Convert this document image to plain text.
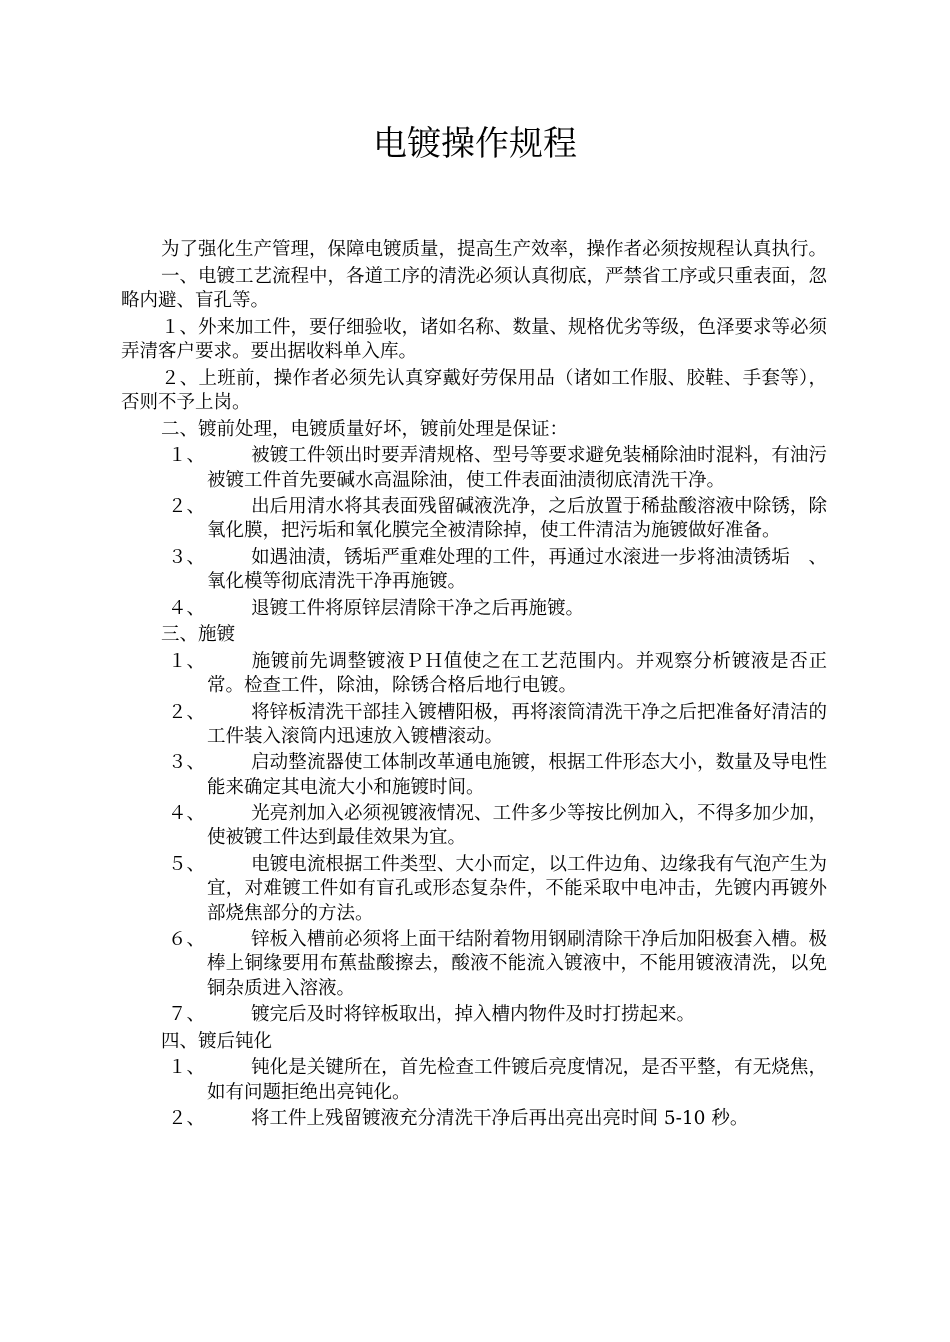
电镀操作规程

为了强化生产管理，保障电镀质量，提高生产效率，操作者必须按规程认真执行。

一、电镀工艺流程中，各道工序的清洗必须认真彻底，严禁省工序或只重表面，忽略内避、盲孔等。

１、外来加工件，要仔细验收，诸如名称、数量、规格优劣等级，色泽要求等必须弄清客户要求。要出据收料单入库。

２、上班前，操作者必须先认真穿戴好劳保用品（诸如工作服、胶鞋、手套等），否则不予上岗。

二、镀前处理，电镀质量好坏，镀前处理是保证：

１、 被镀工件领出时要弄清规格、型号等要求避免装桶除油时混料，有油污被镀工件首先要碱水高温除油，使工件表面油渍彻底清洗干净。
２、 出后用清水将其表面残留碱液洗净，之后放置于稀盐酸溶液中除锈，除氧化膜，把污垢和氧化膜完全被清除掉，使工件清洁为施镀做好准备。
３、 如遇油渍，锈垢严重难处理的工件，再通过水滚进一步将油渍锈垢　、氧化模等彻底清洗干净再施镀。
４、 退镀工件将原锌层清除干净之后再施镀。

三、施镀

１、 施镀前先调整镀液ＰＨ值使之在工艺范围内。并观察分析镀液是否正常。检查工件，除油，除锈合格后地行电镀。
２、 将锌板清洗干部挂入镀槽阳极，再将滚筒清洗干净之后把准备好清洁的工件装入滚筒内迅速放入镀槽滚动。
３、 启动整流器使工体制改革通电施镀，根据工件形态大小，数量及导电性能来确定其电流大小和施镀时间。
４、 光亮剂加入必须视镀液情况、工件多少等按比例加入，不得多加少加，使被镀工件达到最佳效果为宜。
５、 电镀电流根据工件类型、大小而定，以工件边角、边缘我有气泡产生为宜，对难镀工件如有盲孔或形态复杂件，不能采取中电冲击，先镀内再镀外部烧焦部分的方法。
６、 锌板入槽前必须将上面干结附着物用钢刷清除干净后加阳极套入槽。极棒上铜缘要用布蕉盐酸擦去，酸液不能流入镀液中，不能用镀液清洗，以免铜杂质进入溶液。
７、 镀完后及时将锌板取出，掉入槽内物件及时打捞起来。

四、镀后钝化

１、 钝化是关键所在，首先检查工件镀后亮度情况，是否平整，有无烧焦，如有问题拒绝出亮钝化。
２、 将工件上残留镀液充分清洗干净后再出亮出亮时间 5-10 秒。
